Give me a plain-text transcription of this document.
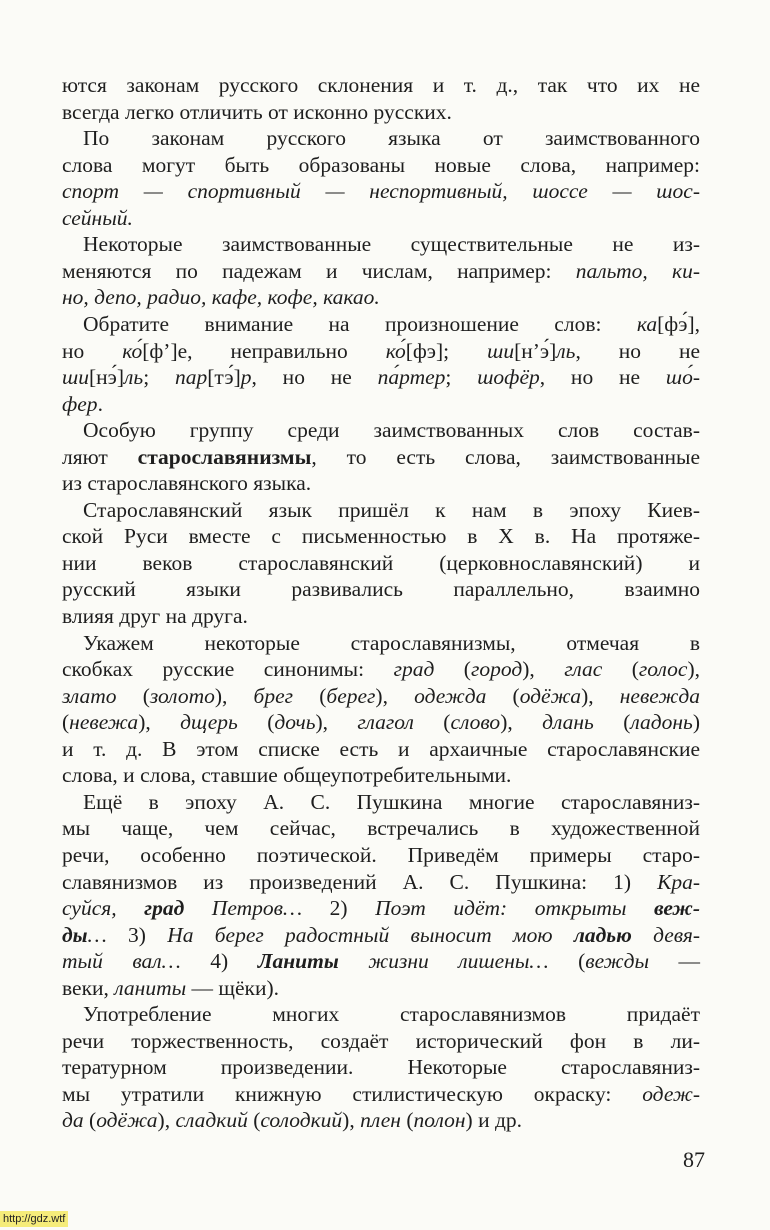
ются законам русского склонения и т. д., так что их не
всегда легко отличить от исконно русских.
По законам русского языка от заимствованного
слова могут быть образованы новые слова, например:
спорт — спортивный — неспортивный, шоссе — шос-
сейный.
Некоторые заимствованные существительные не из-
меняются по падежам и числам, например: пальто, ки-
но, депо, радио, кафе, кофе, какао.
Обратите внимание на произношение слов: ка[фэ́],
но ко́[ф’]е, неправильно ко́[фэ]; ши[н’э́]ль, но не
ши[нэ́]ль; пар[тэ́]р, но не па́ртер; шофёр, но не шо́-
фер.
Особую группу среди заимствованных слов состав-
ляют старославянизмы, то есть слова, заимствованные
из старославянского языка.
Старославянский язык пришёл к нам в эпоху Киев-
ской Руси вместе с письменностью в X в. На протяже-
нии веков старославянский (церковнославянский) и
русский языки развивались параллельно, взаимно
влияя друг на друга.
Укажем некоторые старославянизмы, отмечая в
скобках русские синонимы: град (город), глас (голос),
злато (золото), брег (берег), одежда (одёжа), невежда
(невежа), дщерь (дочь), глагол (слово), длань (ладонь)
и т. д. В этом списке есть и архаичные старославянские
слова, и слова, ставшие общеупотребительными.
Ещё в эпоху А. С. Пушкина многие старославяниз-
мы чаще, чем сейчас, встречались в художественной
речи, особенно поэтической. Приведём примеры старо-
славянизмов из произведений А. С. Пушкина: 1) Кра-
суйся, град Петров… 2) Поэт идёт: открыты веж-
ды… 3) На берег радостный выносит мою ладью девя-
тый вал… 4) Ланиты жизни лишены… (вежды —
веки, ланиты — щёки).
Употребление многих старославянизмов придаёт
речи торжественность, создаёт исторический фон в ли-
тературном произведении. Некоторые старославяниз-
мы утратили книжную стилистическую окраску: одеж-
да (одёжа), сладкий (солодкий), плен (полон) и др.
87
http://gdz.wtf
